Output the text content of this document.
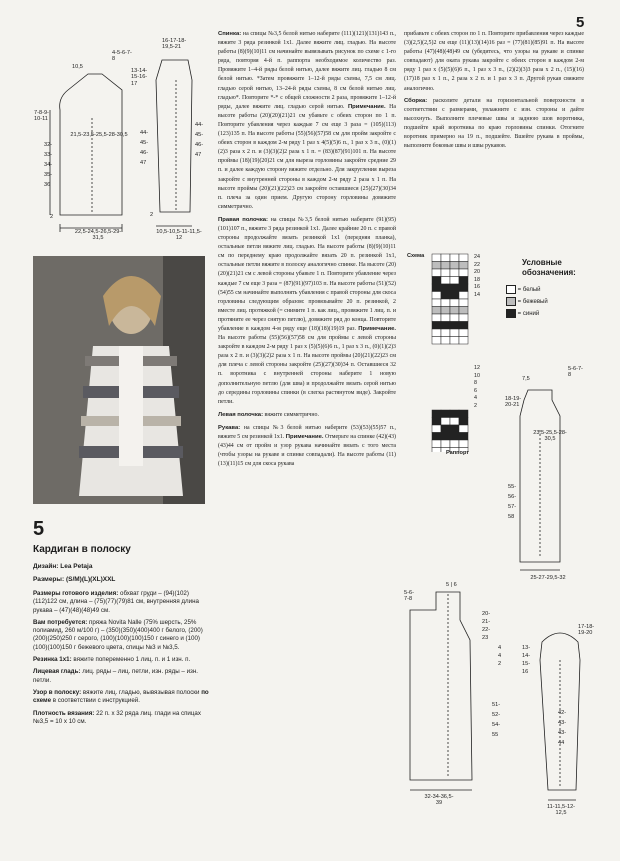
5
10,5
4-5-6-7-8
13-14-15-16-17
7-8-9-10-11
32-
33-
34-
35-
36
21,5-23,5-25,5-28-30,5 44-
45-
46-
47
2
22,5-24,5-26,5-29-31,5
16-17-18-19,5-21
44-
45-
46-
47
2
10,5-10,5-11-11,5-12
5
Кардиган в полоску
Дизайн: Lea Petaja
Размеры: (S/M)(L)(XL)XXL

Размеры готового изделия: обхват груди – (94)(102)(112)122 см, длина – (75)(77)(79)81 см, внутренняя длина рукава – (47)(48)(48)49 см.

Вам потребуется: пряжа Novita Nalle (75% шерсть, 25% полиамид, 260 м/100 г) – (350)(350)(400)400 г белого, (200)(200)(250)250 г серого, (100)(100)(100)150 г синего и (100)(100)(100)150 г бежевого цвета, спицы №3 и №3,5.

Резинка 1х1: вяжите попеременно 1 лиц. п. и 1 изн. п.

Лицевая гладь: лиц. ряды – лиц. петли, изн. ряды – изн. петли.

Узор в полоску: вяжите лиц. гладью, вывязывая полоски по схеме в соответствии с инструкцией.

Плотность вязания: 22 п. x 32 ряда лиц. глади на спицах №3,5 = 10 x 10 см.

Спинка: на спицы №3,5 белой нитью наберите (111)(121)(131)143 п., вяжите 3 ряда резинкой 1х1. Далее вяжите лиц. гладью. На высоте работы (8)(9)(10)11 см начинайте вывязывать рисунок по схеме с 1-го ряда, повторяя 4-й п. раппорта необходимое количество раз. Провяжите 1–4-й ряды белой нитью, далее вяжите лиц. гладью 8 см белой нитью. *Затем провяжите 1–12-й ряды схемы, 7,5 см лиц. гладью серой нитью, 13–24-й ряды схемы, 8 см белой нитью лиц. гладью*. Повторите *-* с общей сложности 2 раза, провяжите 1–12-й ряды, далее вяжите лиц. гладью серой нитью. Примечание. На высоте работы (20)(20)(21)21 см убавьте с обеих сторон по 1 п. Повторите убавления через каждые 7 см еще 3 раза = (105)(113)(123)135 п. На высоте работы (55)(56)(57)58 см для пройм закройте с обеих сторон в каждом 2-м ряду 1 раз x 4(5)(5)6 п., 1 раз x 3 п., (0)(1)(2)3 раза x 2 п. и (3)(3)(2)2 раза x 1 п. = (83)(87)(91)101 п. На высоте проймы (18)(19)(20)21 см для выреза горловины закройте средние 29 п. и далее каждую сторону вяжите отдельно. Для закругления выреза закройте с внутренней стороны в каждом 2-м ряду 2 раза x 1 п. На высоте проймы (20)(21)(22)23 см закройте оставшиеся (25)(27)(30)34 п. плеча за один прием. Другую сторону горловины довяжите симметрично.

Правая полочка: на спицы №3,5 белой нитью наберите (91)(95)(101)107 п., вяжите 3 ряда резинкой 1х1. Далее крайние 20 п. с правой стороны продолжайте вязать резинкой 1х1 (передняя планка), остальные петли вяжите лиц. гладью. На высоте работы (8)(9)(10)11 см по переднему краю продолжайте вязать 20 п. резинкой 1х1, остальные петли вяжите в полоску аналогично спинке. На высоте (20)(20)(21)21 см с левой стороны убавьте 1 п. Повторите убавление через каждые 7 см еще 3 раза = (87)(91)(97)103 п. На высоте работы (51)(52)(54)55 см начинайте выполнять убавления с правой стороны для скоса горловины следующим образом: провязывайте 20 п. резинкой, 2 вместе лиц. протяжкой (= снимите 1 п. как лиц., провяжите 1 лиц. п. и протяните ее через снятую петлю), довяжите ряд до конца. Повторите убавление в каждом 4-м ряду еще (18)(18)(19)19 раз. Примечание. На высоте работы (55)(56)(57)58 см для проймы с левой стороны закройте в каждом 2-м ряду 1 раз x (5)(5)(6)6 п., 1 раз x 3 п., (0)(1)(2)3 раза x 2 п. и (3)(3)(2)2 раза x 1 п. На высоте проймы (20)(21)(22)23 см для плеча с левой стороны закройте (25)(27)(30)34 п. Оставшиеся 32 п. воротника с внутренней стороны наберите 1 новую дополнительную петлю (для шва) и продолжайте вязать серой нитью до середины горловины спинки (в слегка растянутом виде). Закройте петли.

Левая полочка: вяжите симметрично.

Рукава: на спицы №3 белой нитью наберите (53)(53)(55)57 п., вяжите 5 см резинкой 1х1. Примечание. Отмерьте на спинке (42)(43)(43)44 см от пройм и узор рукава начинайте вязать с того места (чтобы узоры на рукаве и спинке совпадали). На высоте работы (11)(13)(11)15 см для скоса рукава

прибавьте с обеих сторон по 1 п. Повторите прибавления через каждые (3)(2,5)(2,5)2 см еще (11)(13)(14)16 раз = (77)(81)(85)91 п. На высоте работы (47)(48)(48)49 см (убедитесь, что узоры на рукаве и спинке совпадают) для оката рукава закройте с обеих сторон в каждом 2-м ряду 1 раз x (5)(5)(6)6 п., 1 раз x 3 п., (2)(2)(3)3 раза x 2 п., (15)(16)(17)18 раз x 1 п., 2 раза x 2 п. и 1 раз x 3 п. Другой рукав свяжите аналогично.

Сборка: расколите детали на горизонтальной поверхности в соответствии с размерами, увлажните с изн. стороны и дайте высохнуть. Выполните плечевые швы и заднюю шов воротника, подшейте край воротника по краю горловины спинки. Отогните воротник примерно на 19 п., подшейте. Вшейте рукава в проймы, выполните боковые швы и швы рукавов.

Схема	24
22
20
18
16
14
12
10
8
6
4
2
Раппорт
Условные обозначения:
= белый
= бежевый
= синий
7,5
5-6-7-8
18-19-20-21
23,5-25,5-28-30,5
55-
56-
57-
58
25-27-29,5-32
5 | 6
5-6-7-8
20-
21-
22-
23
4
4
2
51-
52-
54-
55
32-34-36,5-39
17-18-19-20
13-
14-
15-
16
42-
43-
43-
44
11-11,5-12-12,5
